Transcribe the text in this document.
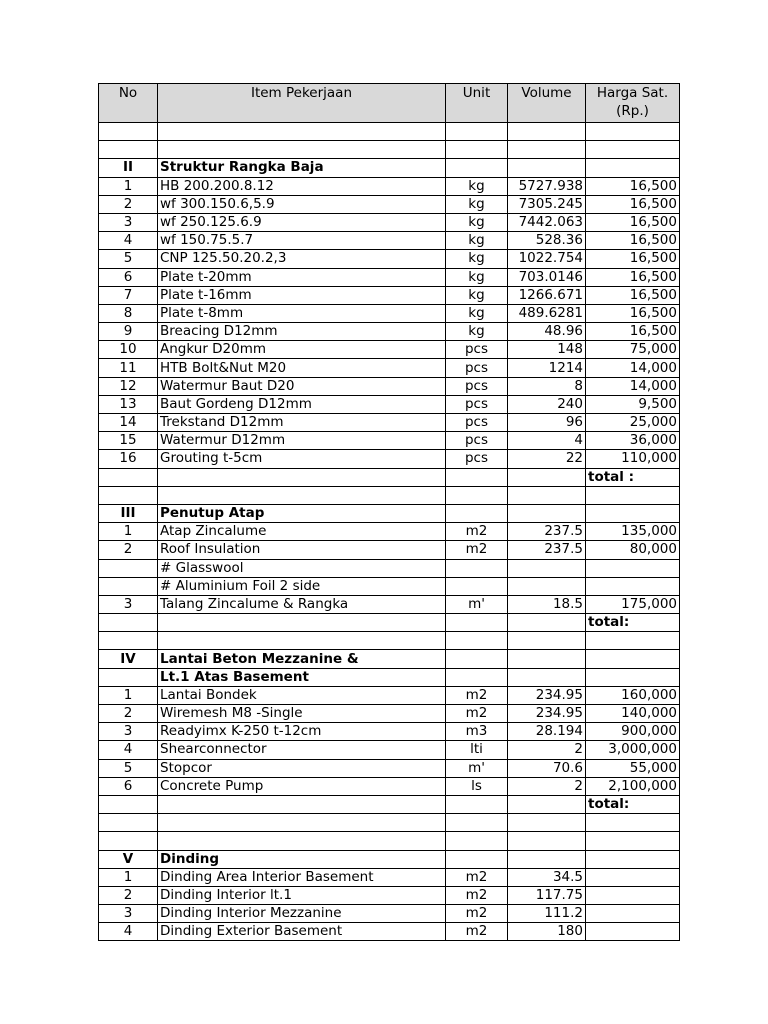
No	Item Pekerjaan	Unit	Volume	Harga Sat.
(Rp.)

II	Struktur Rangka Baja			
1	HB 200.200.8.12	kg	5727.938	16,500
2	wf 300.150.6,5.9	kg	7305.245	16,500
3	wf 250.125.6.9	kg	7442.063	16,500
4	wf 150.75.5.7	kg	528.36	16,500
5	CNP 125.50.20.2,3	kg	1022.754	16,500
6	Plate t-20mm	kg	703.0146	16,500
7	Plate t-16mm	kg	1266.671	16,500
8	Plate t-8mm	kg	489.6281	16,500
9	Breacing D12mm	kg	48.96	16,500
10	Angkur D20mm	pcs	148	75,000
11	HTB Bolt&Nut M20	pcs	1214	14,000
12	Watermur Baut D20	pcs	8	14,000
13	Baut Gordeng D12mm	pcs	240	9,500
14	Trekstand D12mm	pcs	96	25,000
15	Watermur D12mm	pcs	4	36,000
16	Grouting t-5cm	pcs	22	110,000
				total :

III	Penutup Atap			
1	Atap Zincalume	m2	237.5	135,000
2	Roof Insulation	m2	237.5	80,000
	# Glasswool			
	# Aluminium Foil 2 side			
3	Talang Zincalume & Rangka	m'	18.5	175,000
				total:

IV	Lantai Beton Mezzanine &			
	Lt.1 Atas Basement			
1	Lantai Bondek	m2	234.95	160,000
2	Wiremesh M8 -Single	m2	234.95	140,000
3	Readyimx K-250 t-12cm	m3	28.194	900,000
4	Shearconnector	lti	2	3,000,000
5	Stopcor	m'	70.6	55,000
6	Concrete Pump	ls	2	2,100,000
				total:

V	Dinding			
1	Dinding Area Interior Basement	m2	34.5	
2	Dinding Interior lt.1	m2	117.75	
3	Dinding Interior Mezzanine	m2	111.2	
4	Dinding Exterior Basement	m2	180	
